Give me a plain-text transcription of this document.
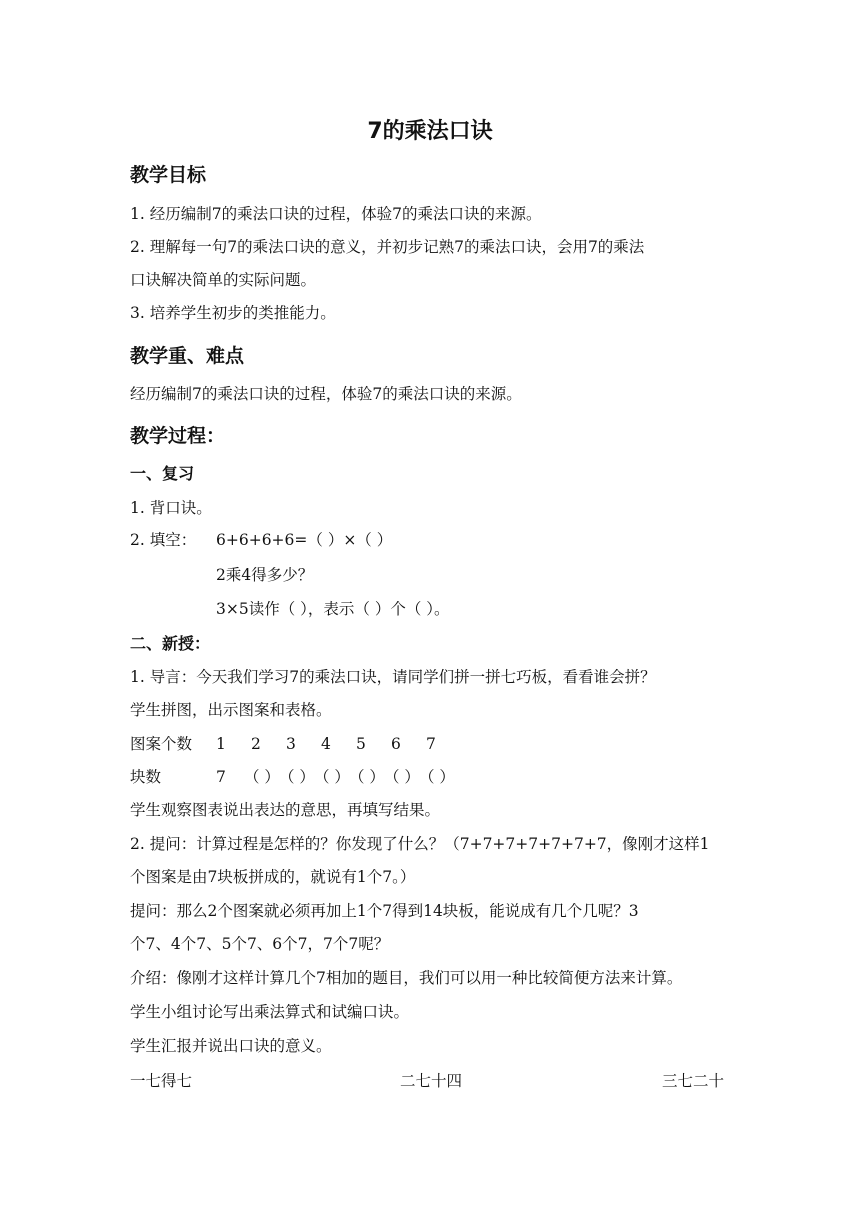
7的乘法口诀
教学目标
1. 经历编制7的乘法口诀的过程，体验7的乘法口诀的来源。
2. 理解每一句7的乘法口诀的意义，并初步记熟7的乘法口诀，会用7的乘法
口诀解决简单的实际问题。
3. 培养学生初步的类推能力。
教学重、难点
经历编制7的乘法口诀的过程，体验7的乘法口诀的来源。
教学过程：
一、复习
1. 背口诀。
2. 填空：	6+6+6+6=（ ）×（ ）
2乘4得多少？
3×5读作（ ），表示（ ）个（ ）。
二、新授：
1. 导言：今天我们学习7的乘法口诀，请同学们拼一拼七巧板，看看谁会拼？
学生拼图，出示图案和表格。
图案个数 1 2 3 4 5 6 7
块数	7 （ ）（ ）（ ）（ ）（ ）（ ）
学生观察图表说出表达的意思，再填写结果。
2. 提问：计算过程是怎样的？你发现了什么？（7+7+7+7+7+7+7，像刚才这样1
个图案是由7块板拼成的，就说有1个7。）
提问：那么2个图案就必须再加上1个7得到14块板，能说成有几个几呢？3
个7、4个7、5个7、6个7，7个7呢？
介绍：像刚才这样计算几个7相加的题目，我们可以用一种比较简便方法来计算。
学生小组讨论写出乘法算式和试编口诀。
学生汇报并说出口诀的意义。
一七得七	二七十四	三七二十
